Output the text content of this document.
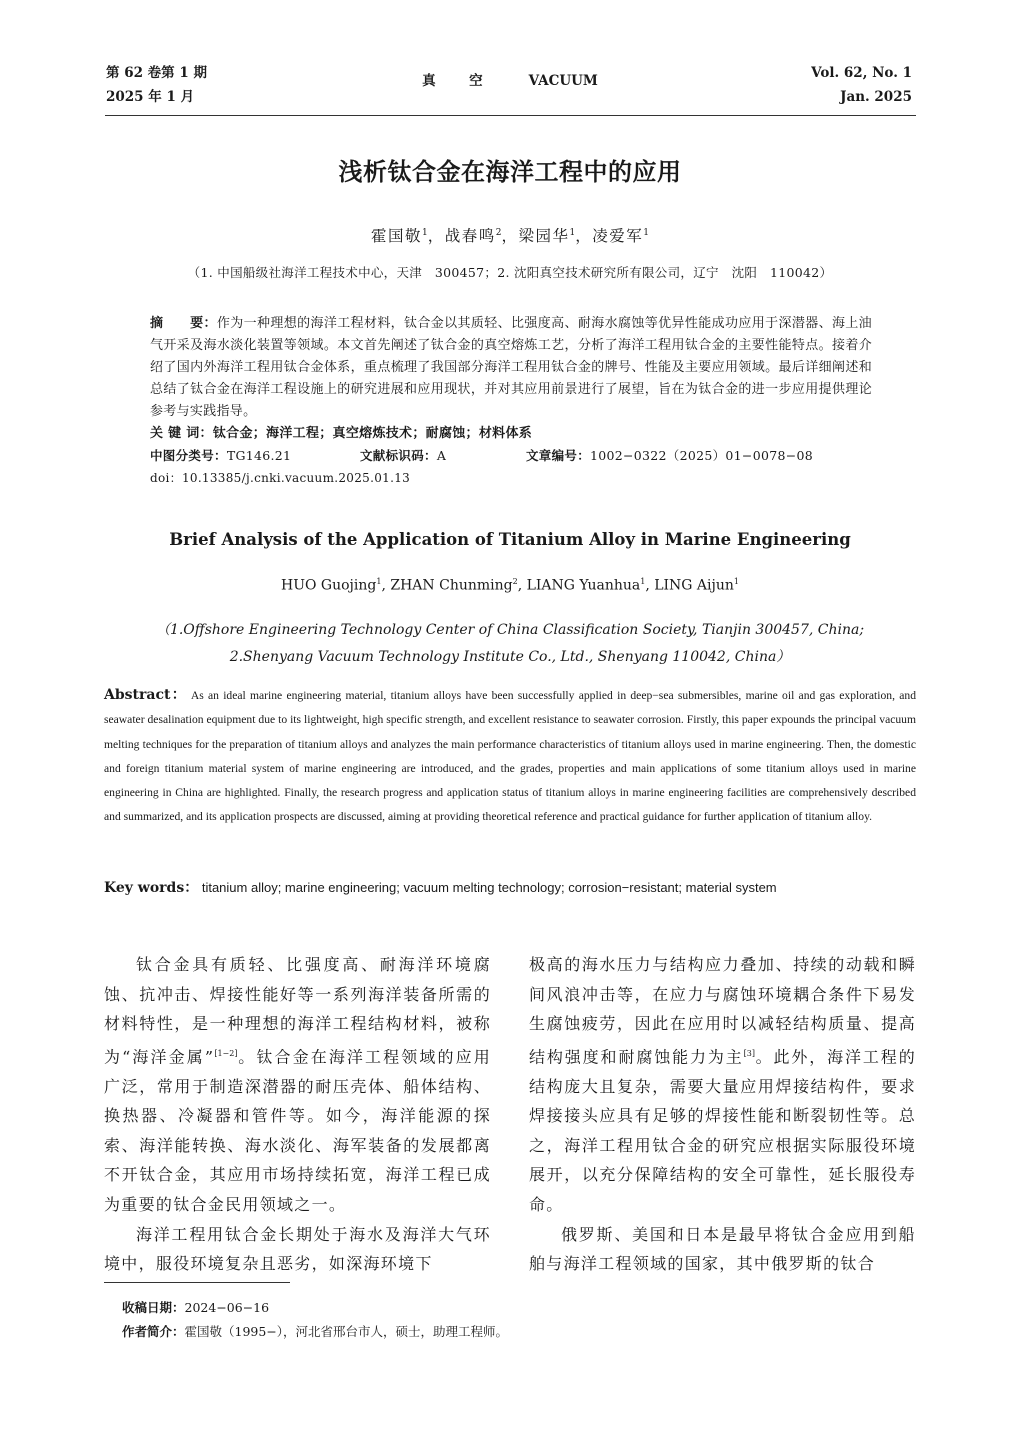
第 62 卷第 1 期
2025 年 1 月
真　空	VACUUM	Vol. 62, No. 1
Jan. 2025
浅析钛合金在海洋工程中的应用
霍国敬$^1$，战春鸣$^2$，梁园华$^1$，凌爱军$^1$
（1. 中国船级社海洋工程技术中心，天津　300457；2. 沈阳真空技术研究所有限公司，辽宁　沈阳　110042）

摘　　要：作为一种理想的海洋工程材料，钛合金以其质轻、比强度高、耐海水腐蚀等优异性能成功应用于深潜器、海上油气开采及海水淡化装置等领域。本文首先阐述了钛合金的真空熔炼工艺，分析了海洋工程用钛合金的主要性能特点。接着介绍了国内外海洋工程用钛合金体系，重点梳理了我国部分海洋工程用钛合金的牌号、性能及主要应用领域。最后详细阐述和总结了钛合金在海洋工程设施上的研究进展和应用现状，并对其应用前景进行了展望，旨在为钛合金的进一步应用提供理论参考与实践指导。

关 键 词：钛合金；海洋工程；真空熔炼技术；耐腐蚀；材料体系

中图分类号：TG146.21	文献标识码：A	文章编号：1002−0322（2025）01−0078−08

doi：10.13385/j.cnki.vacuum.2025.01.13

Brief Analysis of the Application of Titanium Alloy in Marine Engineering
HUO Guojing$^1$, ZHAN Chunming$^2$, LIANG Yuanhua$^1$, LING Aijun$^1$
（1.Offshore Engineering Technology Center of China Classification Society, Tianjin 300457, China;
2.Shenyang Vacuum Technology Institute Co., Ltd., Shenyang 110042, China）
Abstract： As an ideal marine engineering material, titanium alloys have been successfully applied in deep−sea submersibles, marine oil and gas exploration, and seawater desalination equipment due to its lightweight, high specific strength, and excellent resistance to seawater corrosion. Firstly, this paper expounds the principal vacuum melting techniques for the preparation of titanium alloys and analyzes the main performance characteristics of titanium alloys used in marine engineering. Then, the domestic and foreign titanium material system of marine engineering are introduced, and the grades, properties and main applications of some titanium alloys used in marine engineering in China are highlighted. Finally, the research progress and application status of titanium alloys in marine engineering facilities are comprehensively described and summarized, and its application prospects are discussed, aiming at providing theoretical reference and practical guidance for further application of titanium alloy.
Key words： titanium alloy; marine engineering; vacuum melting technology; corrosion−resistant; material system

钛合金具有质轻、比强度高、耐海洋环境腐蚀、抗冲击、焊接性能好等一系列海洋装备所需的材料特性，是一种理想的海洋工程结构材料，被称为“海洋金属”[1−2]。钛合金在海洋工程领域的应用广泛，常用于制造深潜器的耐压壳体、船体结构、换热器、冷凝器和管件等。如今，海洋能源的探索、海洋能转换、海水淡化、海军装备的发展都离不开钛合金，其应用市场持续拓宽，海洋工程已成为重要的钛合金民用领域之一。

海洋工程用钛合金长期处于海水及海洋大气环境中，服役环境复杂且恶劣，如深海环境下

极高的海水压力与结构应力叠加、持续的动载和瞬间风浪冲击等，在应力与腐蚀环境耦合条件下易发生腐蚀疲劳，因此在应用时以减轻结构质量、提高结构强度和耐腐蚀能力为主[3]。此外，海洋工程的结构庞大且复杂，需要大量应用焊接结构件，要求焊接接头应具有足够的焊接性能和断裂韧性等。总之，海洋工程用钛合金的研究应根据实际服役环境展开，以充分保障结构的安全可靠性，延长服役寿命。

俄罗斯、美国和日本是最早将钛合金应用到船舶与海洋工程领域的国家，其中俄罗斯的钛合

收稿日期：2024−06−16
作者简介：霍国敬（1995−），河北省邢台市人，硕士，助理工程师。
